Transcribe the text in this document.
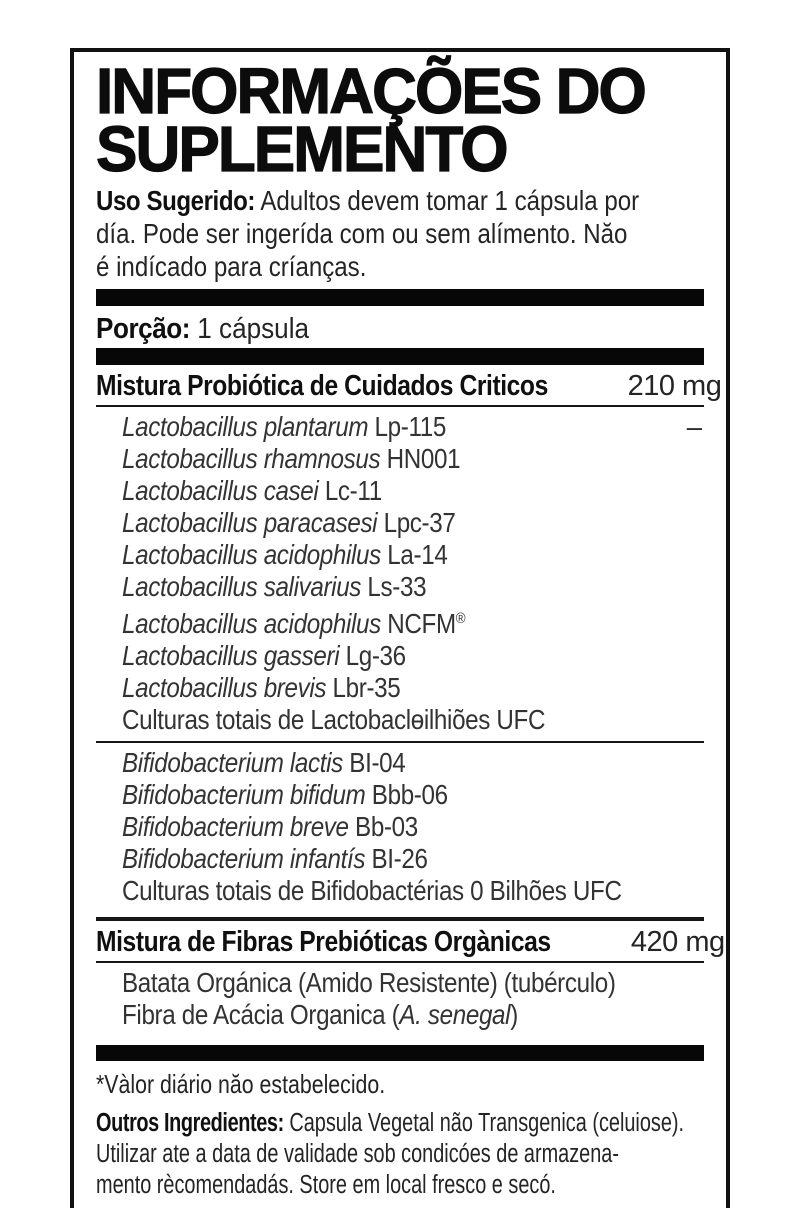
INFORMAÇÕES DO
SUPLEMENTO
Uso Sugerido: Adultos devem tomar 1 cápsula por
día. Pode ser ingerída com ou sem alímento. Năo
é indícado para críanças.
Porção: 1 cápsula
Mistura Probiótica de Cuidados Criticos	210 mg
Lactobacillus plantarum Lp-115	–
Lactobacillus rhamnosus HN001
Lactobacillus casei Lc-11
Lactobacillus paracasesi Lpc-37
Lactobacillus acidophilus La-14
Lactobacillus salivarius Ls-33
Lactobacillus acidophilus NCFM®
Lactobacillus gasseri Lg-36
Lactobacillus brevis Lbr-35
Culturas totais de Lactobaclɵilhiões UFC
Bifidobacterium lactis BI-04
Bifidobacterium bifidum Bbb-06
Bifidobacterium breve Bb-03
Bifidobacterium infantís BI-26
Culturas totais de Bifidobactérias 0 Bilhões UFC
Mistura de Fibras Prebióticas Orgànicas	420 mg
Batata Orgánica (Amido Resistente) (tubérculo)
Fibra de Acácia Organica (A. senegal)
*Vàlor diário năo estabelecido.
Outros Ingredientes: Capsula Vegetal não Transgenica (celuiose).
Utilizar ate a data de validade sob condicóes de armazena-
mento rècomendadás. Store em local fresco e secó.
